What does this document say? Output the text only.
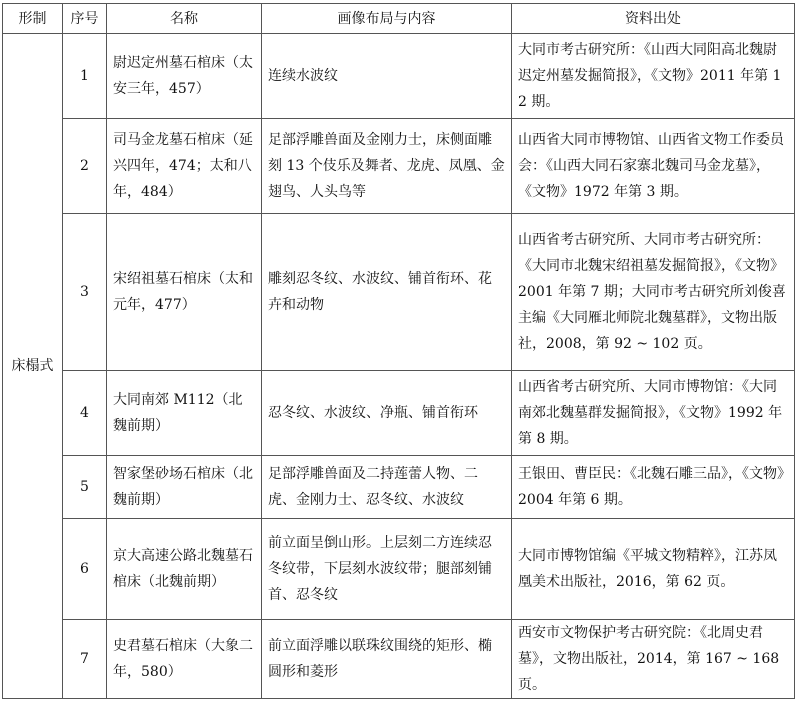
形制	序号	名称	画像布局与内容	资料出处
床榻式	1	尉迟定州墓石棺床（太安三年，457）	连续水波纹	大同市考古研究所：《山西大同阳高北魏尉迟定州墓发掘简报》，《文物》2011 年第 12 期。
	2	司马金龙墓石棺床（延兴四年，474；太和八年，484）	足部浮雕兽面及金刚力士，床侧面雕刻 13 个伎乐及舞者、龙虎、凤凰、金翅鸟、人头鸟等	山西省大同市博物馆、山西省文物工作委员会：《山西大同石家寨北魏司马金龙墓》，《文物》1972 年第 3 期。
	3	宋绍祖墓石棺床（太和元年，477）	雕刻忍冬纹、水波纹、铺首衔环、花卉和动物	山西省考古研究所、大同市考古研究所：《大同市北魏宋绍祖墓发掘简报》，《文物》2001 年第 7 期；大同市考古研究所刘俊喜主编《大同雁北师院北魏墓群》，文物出版社，2008，第 92 ~ 102 页。
	4	大同南郊 M112（北魏前期）	忍冬纹、水波纹、净瓶、铺首衔环	山西省考古研究所、大同市博物馆：《大同南郊北魏墓群发掘简报》，《文物》1992 年第 8 期。
	5	智家堡砂场石棺床（北魏前期）	足部浮雕兽面及二持莲蕾人物、二虎、金刚力士、忍冬纹、水波纹	王银田、曹臣民：《北魏石雕三品》，《文物》2004 年第 6 期。
	6	京大高速公路北魏墓石棺床（北魏前期）	前立面呈倒山形。上层刻二方连续忍冬纹带，下层刻水波纹带；腿部刻铺首、忍冬纹	大同市博物馆编《平城文物精粹》，江苏凤凰美术出版社，2016，第 62 页。
	7	史君墓石棺床（大象二年，580）	前立面浮雕以联珠纹围绕的矩形、椭圆形和菱形	西安市文物保护考古研究院：《北周史君墓》，文物出版社，2014，第 167 ~ 168 页。
